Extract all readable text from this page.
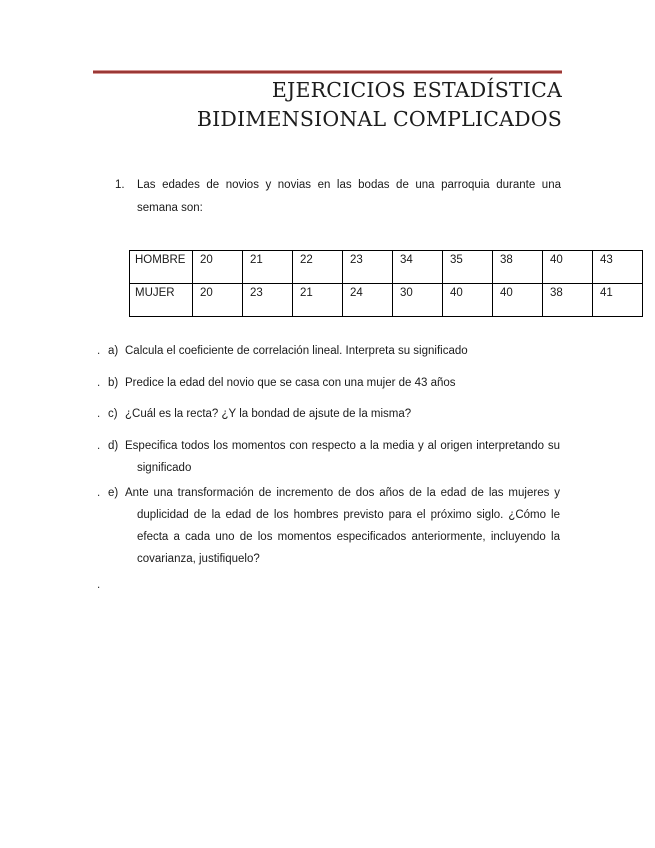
EJERCICIOS ESTADÍSTICA
BIDIMENSIONAL COMPLICADOS
1. Las edades de novios y novias en las bodas de una parroquia durante una semana son:
HOMBRE	20	21	22	23	34	35	38	40	43
MUJER	20	23	21	24	30	40	40	38	41
. a) Calcula el coeficiente de correlación lineal. Interpreta su significado
. b) Predice la edad del novio que se casa con una mujer de 43 años
. c) ¿Cuál es la recta? ¿Y la bondad de ajsute de la misma?
. d) Especifica todos los momentos con respecto a la media y al origen interpretando su significado
. e) Ante una transformación de incremento de dos años de la edad de las mujeres y duplicidad de la edad de los hombres previsto para el próximo siglo. ¿Cómo le efecta a cada uno de los momentos especificados anteriormente, incluyendo la covarianza, justifiquelo?
.
